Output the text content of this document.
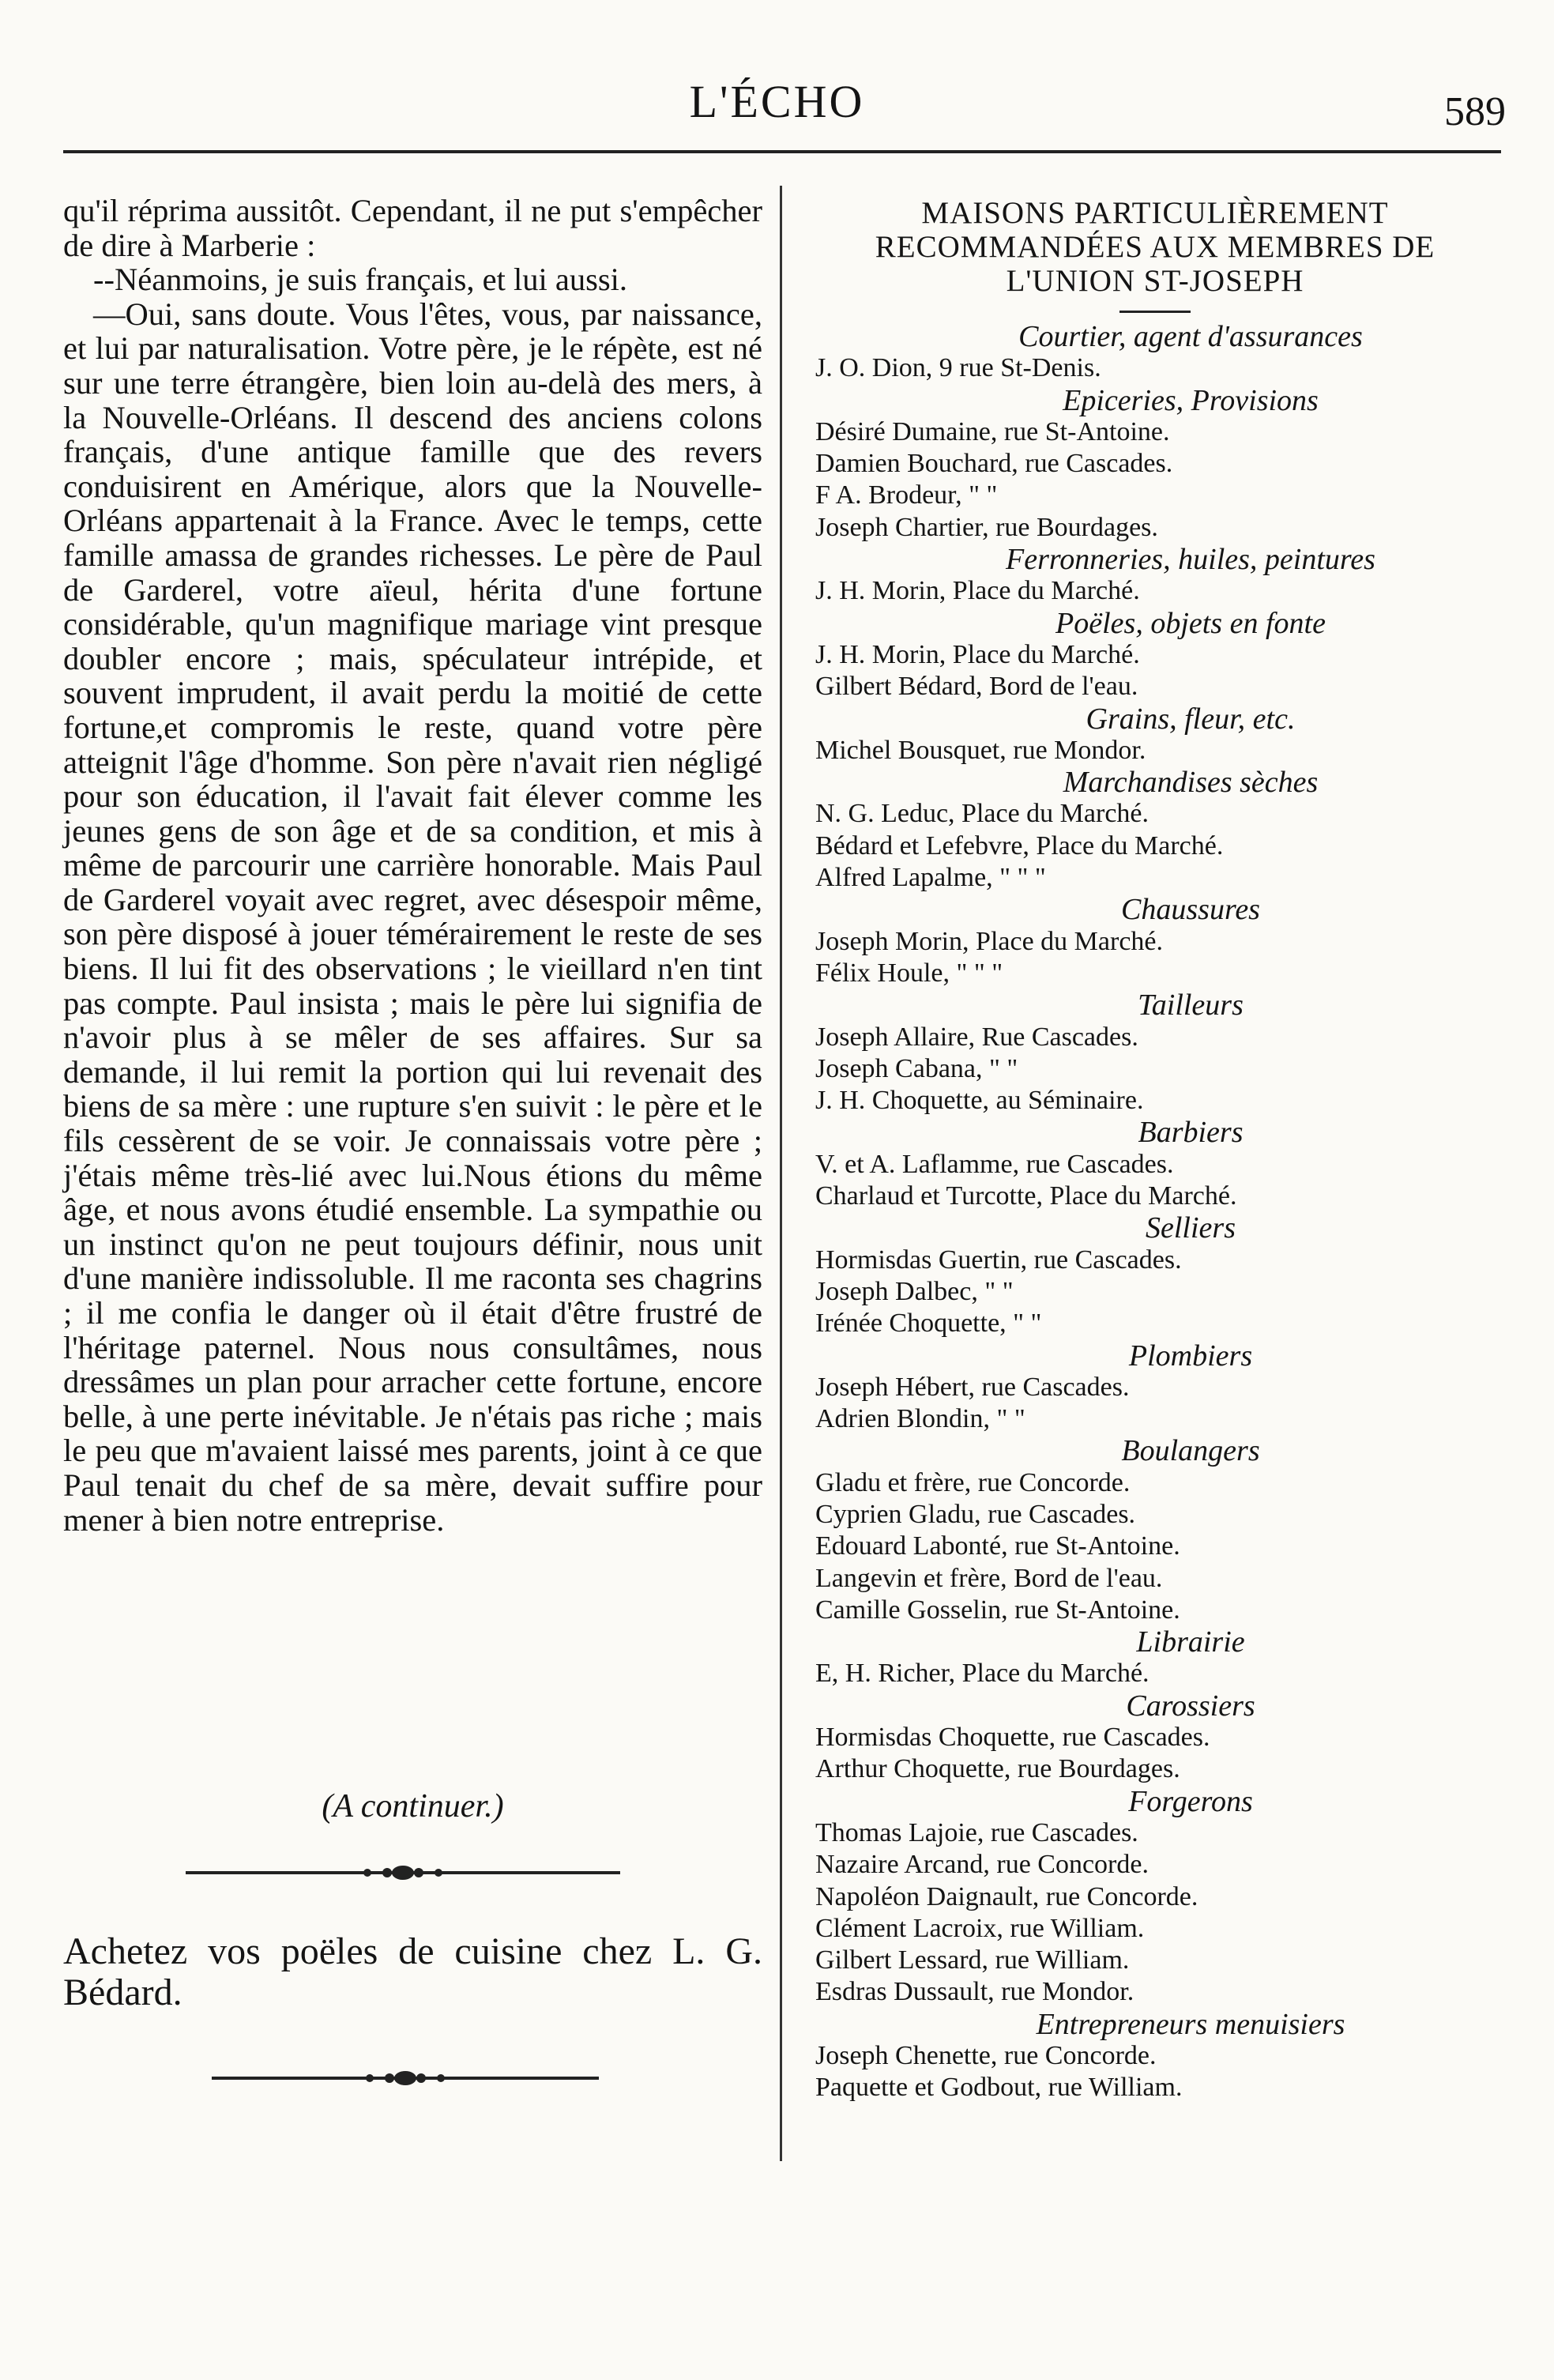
L'ÉCHO	589

qu'il réprima aussitôt. Cependant, il ne put s'empêcher de dire à Marberie :

--Néanmoins, je suis français, et lui aussi.

—Oui, sans doute. Vous l'êtes, vous, par naissance, et lui par naturalisation. Votre père, je le répète, est né sur une terre étrangère, bien loin au-delà des mers, à la Nouvelle-Orléans. Il descend des anciens colons français, d'une antique famille que des revers conduisirent en Amérique, alors que la Nouvelle-Orléans appartenait à la France. Avec le temps, cette famille amassa de grandes richesses. Le père de Paul de Garderel, votre aïeul, hérita d'une fortune considérable, qu'un magnifique mariage vint presque doubler encore ; mais, spéculateur intrépide, et souvent imprudent, il avait perdu la moitié de cette fortune,et compromis le reste, quand votre père atteignit l'âge d'homme. Son père n'avait rien négligé pour son éducation, il l'avait fait élever comme les jeunes gens de son âge et de sa condition, et mis à même de parcourir une carrière honorable. Mais Paul de Garderel voyait avec regret, avec désespoir même, son père disposé à jouer témérairement le reste de ses biens. Il lui fit des observations ; le vieillard n'en tint pas compte. Paul insista ; mais le père lui signifia de n'avoir plus à se mêler de ses affaires. Sur sa demande, il lui remit la portion qui lui revenait des biens de sa mère : une rupture s'en suivit : le père et le fils cessèrent de se voir. Je connaissais votre père ; j'étais même très-lié avec lui.Nous étions du même âge, et nous avons étudié ensemble. La sympathie ou un instinct qu'on ne peut toujours définir, nous unit d'une manière indissoluble. Il me raconta ses chagrins ; il me confia le danger où il était d'être frustré de l'héritage paternel. Nous nous consultâmes, nous dressâmes un plan pour arracher cette fortune, encore belle, à une perte inévitable. Je n'étais pas riche ; mais le peu que m'avaient laissé mes parents, joint à ce que Paul tenait du chef de sa mère, devait suffire pour mener à bien notre entreprise.

(A continuer.)
Achetez vos poëles de cuisine chez L. G. Bédard.
MAISONS PARTICULIÈREMENT
RECOMMANDÉES AUX MEMBRES DE
L'UNION ST-JOSEPH
Courtier, agent d'assurances
J. O. Dion, 9 rue St-Denis.
Epiceries, Provisions
Désiré Dumaine, rue St-Antoine.
Damien Bouchard, rue Cascades.
F A. Brodeur, " "
Joseph Chartier, rue Bourdages.
Ferronneries, huiles, peintures
J. H. Morin, Place du Marché.
Poëles, objets en fonte
J. H. Morin, Place du Marché.
Gilbert Bédard, Bord de l'eau.
Grains, fleur, etc.
Michel Bousquet, rue Mondor.
Marchandises sèches
N. G. Leduc, Place du Marché.
Bédard et Lefebvre, Place du Marché.
Alfred Lapalme, " " "
Chaussures
Joseph Morin, Place du Marché.
Félix Houle, " " "
Tailleurs
Joseph Allaire, Rue Cascades.
Joseph Cabana, " "
J. H. Choquette, au Séminaire.
Barbiers
V. et A. Laflamme, rue Cascades.
Charlaud et Turcotte, Place du Marché.
Selliers
Hormisdas Guertin, rue Cascades.
Joseph Dalbec, " "
Irénée Choquette, " "
Plombiers
Joseph Hébert, rue Cascades.
Adrien Blondin, " "
Boulangers
Gladu et frère, rue Concorde.
Cyprien Gladu, rue Cascades.
Edouard Labonté, rue St-Antoine.
Langevin et frère, Bord de l'eau.
Camille Gosselin, rue St-Antoine.
Librairie
E, H. Richer, Place du Marché.
Carossiers
Hormisdas Choquette, rue Cascades.
Arthur Choquette, rue Bourdages.
Forgerons
Thomas Lajoie, rue Cascades.
Nazaire Arcand, rue Concorde.
Napoléon Daignault, rue Concorde.
Clément Lacroix, rue William.
Gilbert Lessard, rue William.
Esdras Dussault, rue Mondor.
Entrepreneurs menuisiers
Joseph Chenette, rue Concorde.
Paquette et Godbout, rue William.
